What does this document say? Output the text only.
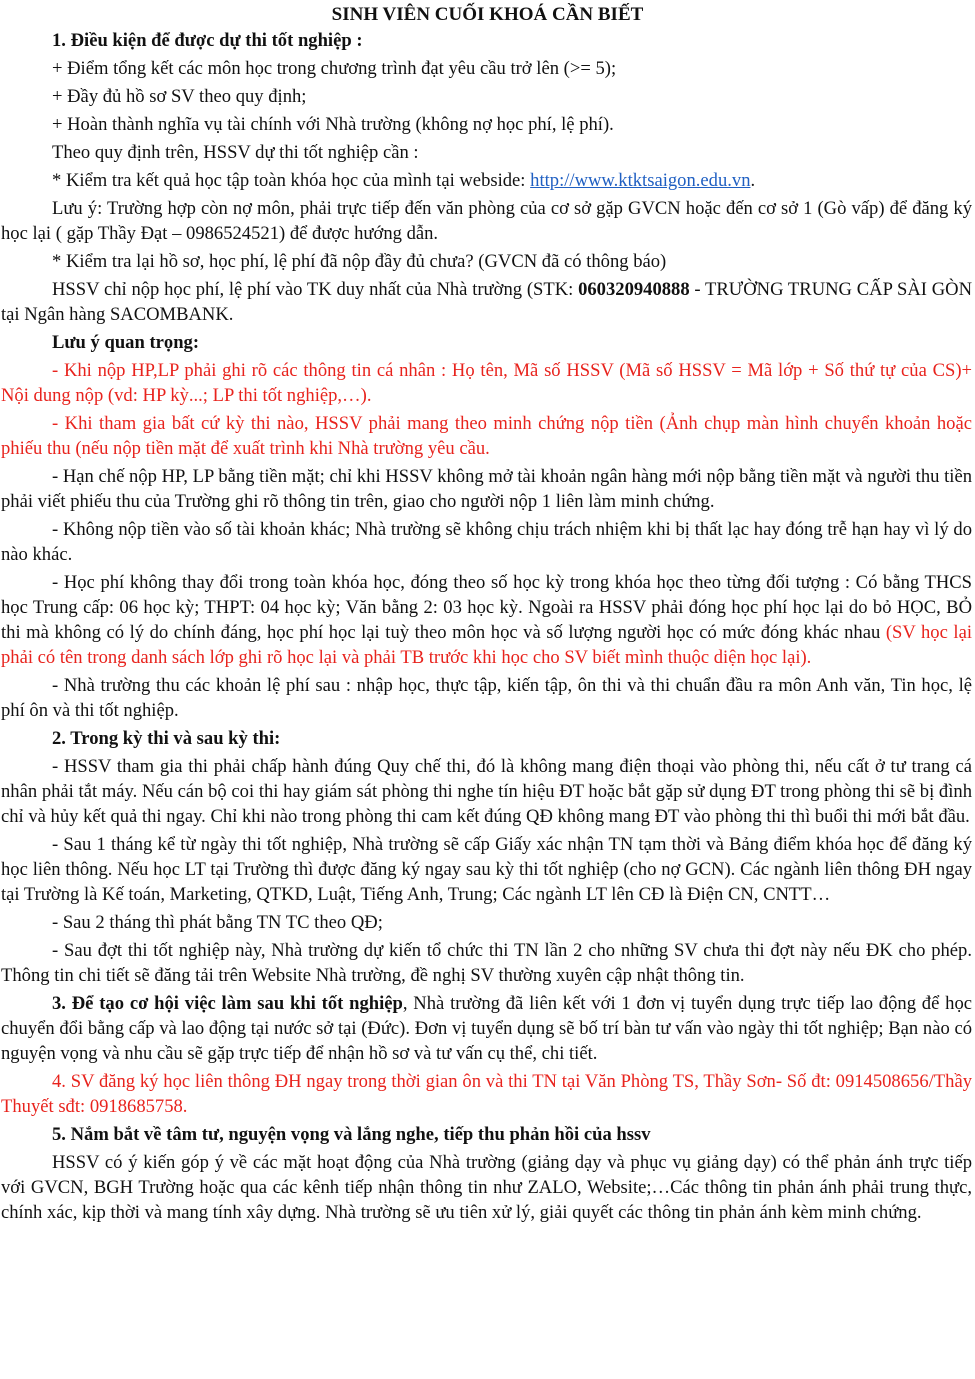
SINH VIÊN CUỐI KHOÁ CẦN BIẾT

1. Điều kiện để được dự thi tốt nghiệp :

+ Điểm tổng kết các môn học trong chương trình đạt yêu cầu trở lên (>= 5);

+ Đầy đủ hồ sơ SV theo quy định;

+ Hoàn thành nghĩa vụ tài chính với Nhà trường (không nợ học phí, lệ phí).

Theo quy định trên, HSSV dự thi tốt nghiệp cần :

* Kiểm tra kết quả học tập toàn khóa học của mình tại webside: http://www.ktktsaigon.edu.vn.

Lưu ý: Trường hợp còn nợ môn, phải trực tiếp đến văn phòng của cơ sở gặp GVCN hoặc đến cơ sở 1 (Gò vấp) để đăng ký học lại ( gặp Thầy Đạt – 0986524521) để được hướng dẫn.

* Kiểm tra lại hồ sơ, học phí, lệ phí đã nộp đầy đủ chưa? (GVCN đã có thông báo)

HSSV chỉ nộp học phí, lệ phí vào TK duy nhất của Nhà trường (STK: 060320940888 - TRƯỜNG TRUNG CẤP SÀI GÒN tại Ngân hàng SACOMBANK.

Lưu ý quan trọng:

- Khi nộp HP,LP phải ghi rõ các thông tin cá nhân : Họ tên, Mã số HSSV (Mã số HSSV = Mã lớp + Số thứ tự của CS)+ Nội dung nộp (vd: HP kỳ...; LP thi tốt nghiệp,…).

- Khi tham gia bất cứ kỳ thi nào, HSSV phải mang theo minh chứng nộp tiền (Ảnh chụp màn hình chuyển khoản hoặc phiếu thu (nếu nộp tiền mặt để xuất trình khi Nhà trường yêu cầu.

- Hạn chế nộp HP, LP bằng tiền mặt; chỉ khi HSSV không mở tài khoản ngân hàng mới nộp bằng tiền mặt và người thu tiền phải viết phiếu thu của Trường ghi rõ thông tin trên, giao cho người nộp 1 liên làm minh chứng.

- Không nộp tiền vào số tài khoản khác; Nhà trường sẽ không chịu trách nhiệm khi bị thất lạc hay đóng trễ hạn hay vì lý do nào khác.

- Học phí không thay đổi trong toàn khóa học, đóng theo số học kỳ trong khóa học theo từng đối tượng : Có bằng THCS học Trung cấp: 06 học kỳ; THPT: 04 học kỳ; Văn bằng 2: 03 học kỳ. Ngoài ra HSSV phải đóng học phí học lại do bỏ HỌC, BỎ thi mà không có lý do chính đáng, học phí học lại tuỳ theo môn học và số lượng người học có mức đóng khác nhau (SV học lại phải có tên trong danh sách lớp ghi rõ học lại và phải TB trước khi học cho SV biết mình thuộc diện học lại).

- Nhà trường thu các khoản lệ phí sau : nhập học, thực tập, kiến tập, ôn thi và thi chuẩn đầu ra môn Anh văn, Tin học, lệ phí ôn và thi tốt nghiệp.

2. Trong kỳ thi và sau kỳ thi:

- HSSV tham gia thi phải chấp hành đúng Quy chế thi, đó là không mang điện thoại vào phòng thi, nếu cất ở tư trang cá nhân phải tắt máy. Nếu cán bộ coi thi hay giám sát phòng thi nghe tín hiệu ĐT hoặc bắt gặp sử dụng ĐT trong phòng thi sẽ bị đình chỉ và hủy kết quả thi ngay. Chỉ khi nào trong phòng thi cam kết đúng QĐ không mang ĐT vào phòng thi thì buổi thi mới bắt đầu.

- Sau 1 tháng kể từ ngày thi tốt nghiệp, Nhà trường sẽ cấp Giấy xác nhận TN tạm thời và Bảng điểm khóa học để đăng ký học liên thông. Nếu học LT tại Trường thì được đăng ký ngay sau kỳ thi tốt nghiệp (cho nợ GCN). Các ngành liên thông ĐH ngay tại Trường là Kế toán, Marketing, QTKD, Luật, Tiếng Anh, Trung; Các ngành LT lên CĐ là Điện CN, CNTT…

- Sau 2 tháng thì phát bằng TN TC theo QĐ;

- Sau đợt thi tốt nghiệp này, Nhà trường dự kiến tổ chức thi TN lần 2 cho những SV chưa thi đợt này nếu ĐK cho phép. Thông tin chi tiết sẽ đăng tải trên Website Nhà trường, đề nghị SV thường xuyên cập nhật thông tin.

3. Để tạo cơ hội việc làm sau khi tốt nghiệp, Nhà trường đã liên kết với 1 đơn vị tuyển dụng trực tiếp lao động để học chuyển đổi bằng cấp và lao động tại nước sở tại (Đức). Đơn vị tuyển dụng sẽ bố trí bàn tư vấn vào ngày thi tốt nghiệp; Bạn nào có nguyện vọng và nhu cầu sẽ gặp trực tiếp để nhận hồ sơ và tư vấn cụ thể, chi tiết.

4. SV đăng ký học liên thông ĐH ngay trong thời gian ôn và thi TN tại Văn Phòng TS, Thầy Sơn- Số đt: 0914508656/Thầy Thuyết sđt: 0918685758.

5. Nắm bắt về tâm tư, nguyện vọng và lắng nghe, tiếp thu phản hồi của hssv

HSSV có ý kiến góp ý về các mặt hoạt động của Nhà trường (giảng dạy và phục vụ giảng dạy) có thể phản ánh trực tiếp với GVCN, BGH Trường hoặc qua các kênh tiếp nhận thông tin như ZALO, Website;…Các thông tin phản ánh phải trung thực, chính xác, kịp thời và mang tính xây dựng. Nhà trường sẽ ưu tiên xử lý, giải quyết các thông tin phản ánh kèm minh chứng.
